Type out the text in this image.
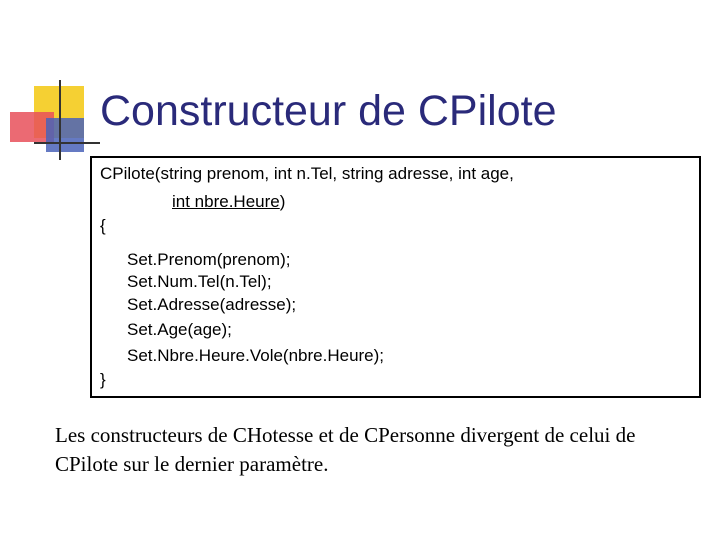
Constructeur de CPilote
CPilote(string prenom, int n.Tel, string adresse, int age,
int nbre.Heure)
{
Set.Prenom(prenom);
Set.Num.Tel(n.Tel);
Set.Adresse(adresse);
Set.Age(age);
Set.Nbre.Heure.Vole(nbre.Heure);
}

Les constructeurs de CHotesse et de CPersonne divergent de celui de CPilote sur le dernier paramètre.
